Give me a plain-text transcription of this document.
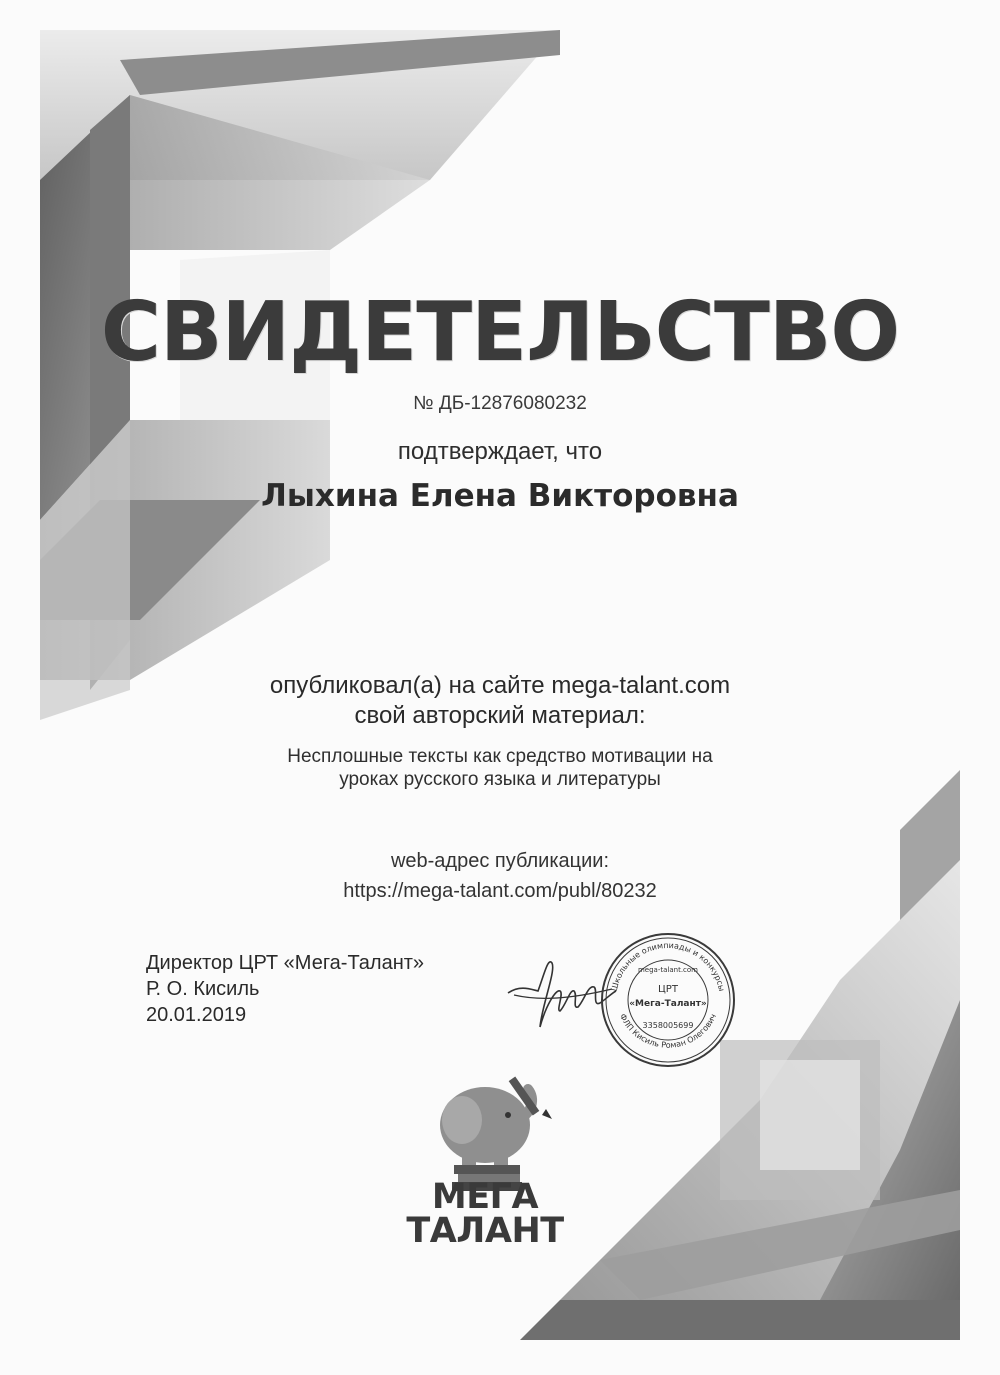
СВИДЕТЕЛЬСТВО
№ ДБ-12876080232
подтверждает, что
Лыхина Елена Викторовна
опубликовал(а) на сайте mega-talant.com
свой авторский материал:
Несплошные тексты как средство мотивации на
уроках русского языка и литературы
web-адрес публикации:
https://mega-talant.com/publ/80232
Директор ЦРТ «Мега-Талант»
Р. О. Кисиль
20.01.2019
Школьные олимпиады и конкурсы
ФЛП Кисиль Роман Олегович
mega-talant.com
ЦРТ
«Мега-Талант»
3358005699
МЕГА
ТАЛАНТ
